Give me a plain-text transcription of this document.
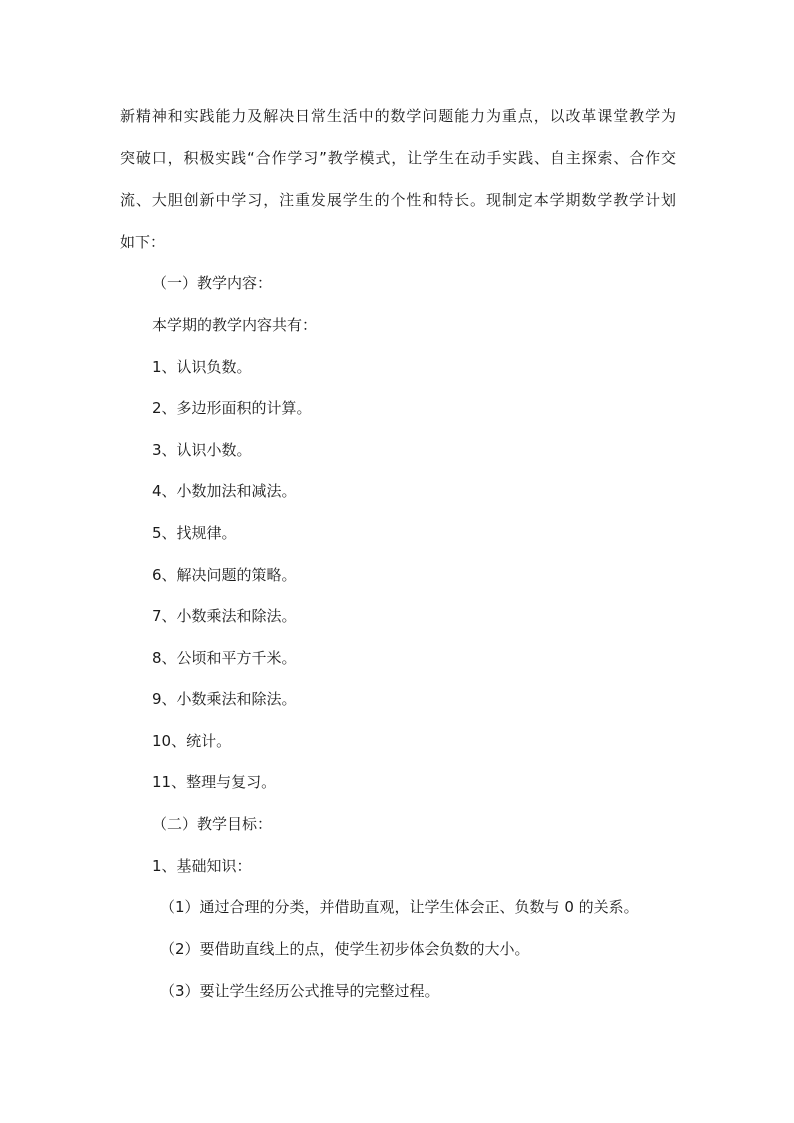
新精神和实践能力及解决日常生活中的数学问题能力为重点，以改革课堂教学为
突破口，积极实践“合作学习”教学模式，让学生在动手实践、自主探索、合作交
流、大胆创新中学习，注重发展学生的个性和特长。现制定本学期数学教学计划
如下：
（一）教学内容：
本学期的教学内容共有：
1、认识负数。
2、多边形面积的计算。
3、认识小数。
4、小数加法和减法。
5、找规律。
6、解决问题的策略。
7、小数乘法和除法。
8、公顷和平方千米。
9、小数乘法和除法。
10、统计。
11、整理与复习。
（二）教学目标：
1、基础知识：
（1）通过合理的分类，并借助直观，让学生体会正、负数与 0 的关系。
（2）要借助直线上的点，使学生初步体会负数的大小。
（3）要让学生经历公式推导的完整过程。
